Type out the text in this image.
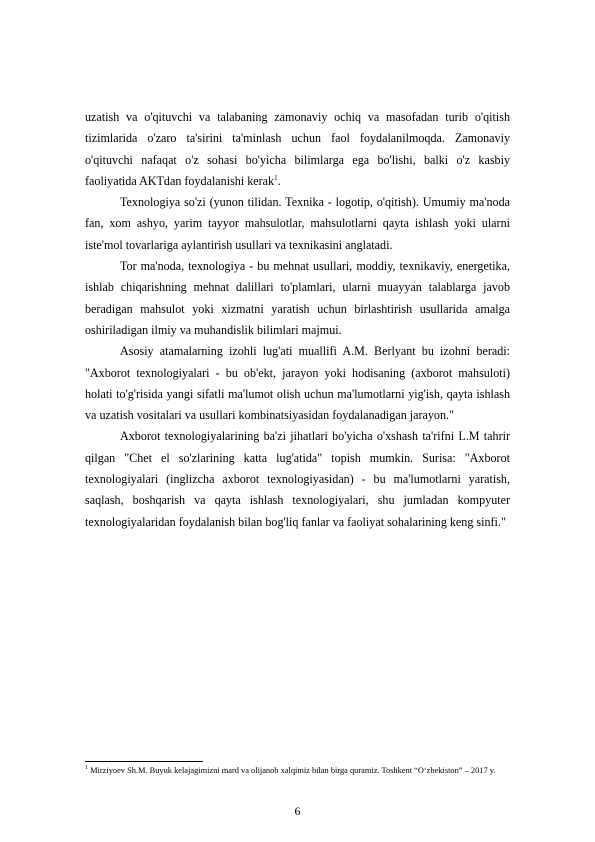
uzatish va o'qituvchi va talabaning zamonaviy ochiq va masofadan turib o'qitish tizimlarida o'zaro ta'sirini ta'minlash uchun faol foydalanilmoqda. Zamonaviy o'qituvchi nafaqat o'z sohasi bo'yicha bilimlarga ega bo'lishi, balki o'z kasbiy faoliyatida AKTdan foydalanishi kerak$^1$.

Texnologiya so'zi (yunon tilidan. Texnika - logotip, o'qitish). Umumiy ma'noda fan, xom ashyo, yarim tayyor mahsulotlar, mahsulotlarni qayta ishlash yoki ularni iste'mol tovarlariga aylantirish usullari va texnikasini anglatadi.

Tor ma'noda, texnologiya - bu mehnat usullari, moddiy, texnikaviy, energetika, ishlab chiqarishning mehnat dalillari to'plamlari, ularni muayyan talablarga javob beradigan mahsulot yoki xizmatni yaratish uchun birlashtirish usullarida amalga oshiriladigan ilmiy va muhandislik bilimlari majmui.

Asosiy atamalarning izohli lug'ati muallifi A.M. Berlyant bu izohni beradi: "Axborot texnologiyalari - bu ob'ekt, jarayon yoki hodisaning (axborot mahsuloti) holati to'g'risida yangi sifatli ma'lumot olish uchun ma'lumotlarni yig'ish, qayta ishlash va uzatish vositalari va usullari kombinatsiyasidan foydalanadigan jarayon."

Axborot texnologiyalarining ba'zi jihatlari bo'yicha o'xshash ta'rifni L.M tahrir qilgan "Chet el so'zlarining katta lug'atida" topish mumkin. Surisa: "Axborot texnologiyalari (inglizcha axborot texnologiyasidan) - bu ma'lumotlarni yaratish, saqlash, boshqarish va qayta ishlash texnologiyalari, shu jumladan kompyuter texnologiyalaridan foydalanish bilan bog'liq fanlar va faoliyat sohalarining keng sinfi."

$^1$ Mirziyoev Sh.M. Buyuk kelajagimizni mard va olijanob xalqimiz bilan birga quramiz. Toshkent “O‘zbekiston” – 2017 y.
6
